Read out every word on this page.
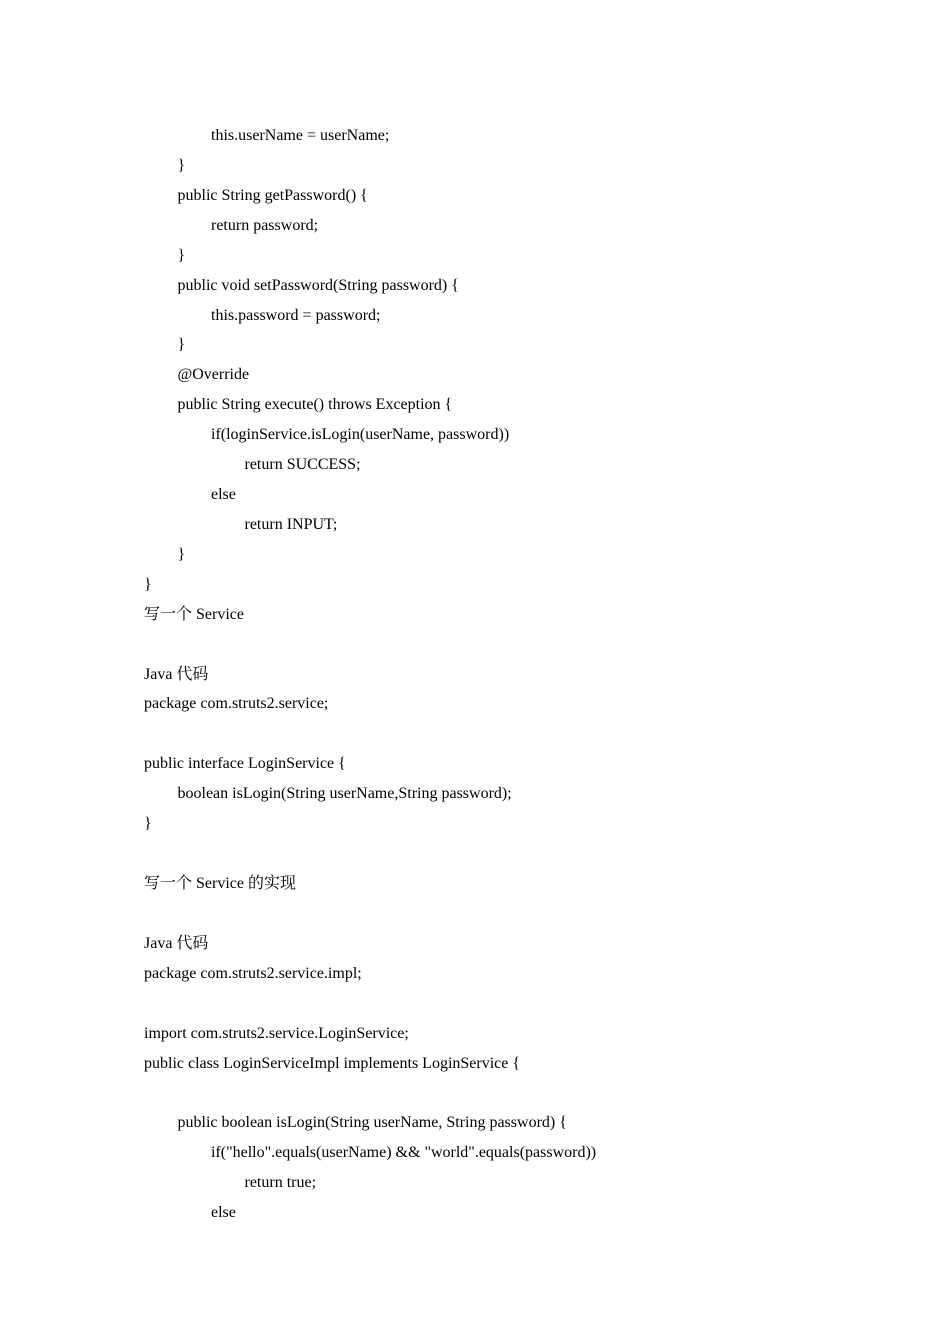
this.userName = userName;
}
public String getPassword() {
return password;
}
public void setPassword(String password) {
this.password = password;
}
@Override
public String execute() throws Exception {
if(loginService.isLogin(userName, password))
return SUCCESS;
else
return INPUT;
}
}
写一个 Service
Java 代码
package com.struts2.service;
public interface LoginService {
boolean isLogin(String userName,String password);
}
写一个 Service 的实现
Java 代码
package com.struts2.service.impl;
import com.struts2.service.LoginService;
public class LoginServiceImpl implements LoginService {
public boolean isLogin(String userName, String password) {
if("hello".equals(userName) && "world".equals(password))
return true;
else
